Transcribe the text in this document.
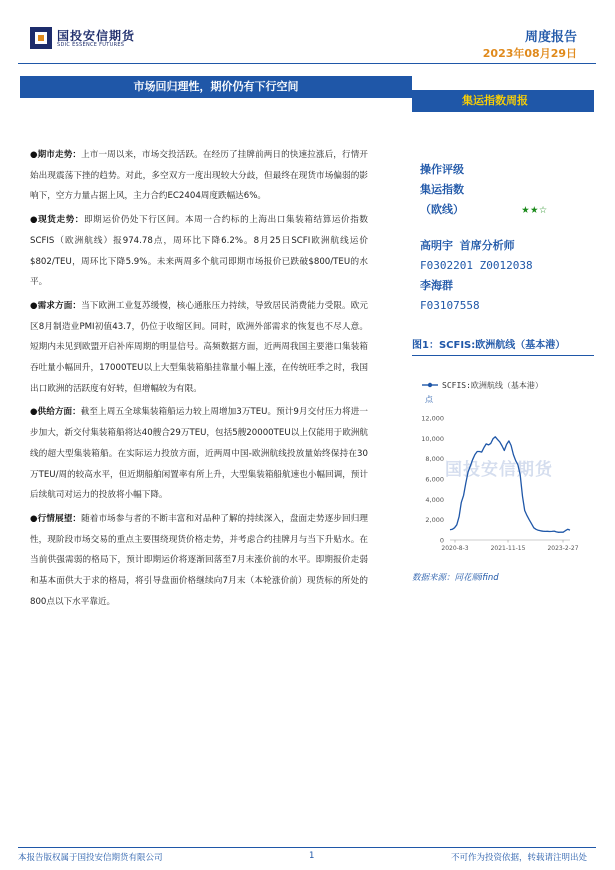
国投安信期货
SDIC ESSENCE FUTURES	周度报告
2023年08月29日
市场回归理性，期价仍有下行空间
集运指数周报

●期市走势：上市一周以来，市场交投活跃。在经历了挂牌前两日的快速拉涨后，行情开始出现震荡下挫的趋势。对此，多空双方一度出现较大分歧，但最终在现货市场偏弱的影响下，空方力量占据上风，主力合约EC2404周度跌幅达6%。

●现货走势：即期运价仍处下行区间。本周一合约标的上海出口集装箱结算运价指数SCFIS（欧洲航线）报974.78点，周环比下降6.2%。8月25日SCFI欧洲航线运价$802/TEU，周环比下降5.9%。未来两周多个航司即期市场报价已跌破$800/TEU的水平。

●需求方面：当下欧洲工业复苏缓慢，核心通胀压力持续，导致居民消费能力受限。欧元区8月制造业PMI初值43.7，仍位于收缩区间。同时，欧洲外部需求的恢复也不尽人意。短期内未见到欧盟开启补库周期的明显信号。高频数据方面，近两周我国主要港口集装箱吞吐量小幅回升，17000TEU以上大型集装箱船挂靠量小幅上涨，在传统旺季之时，我国出口欧洲的活跃度有好转，但增幅较为有限。

●供给方面：截至上周五全球集装箱船运力较上周增加3万TEU。预计9月交付压力将进一步加大，新交付集装箱船将达40艘合29万TEU，包括5艘20000TEU以上仅能用于欧洲航线的超大型集装箱船。在实际运力投放方面，近两周中国-欧洲航线投放量始终保持在30万TEU/周的较高水平，但近期船舶闲置率有所上升，大型集装箱船航速也小幅回调，预计后续航司对运力的投放将小幅下降。

●行情展望：随着市场参与者的不断丰富和对品种了解的持续深入，盘面走势逐步回归理性，现阶段市场交易的重点主要围绕现货价格走势，并考虑合约挂牌月与当下升贴水。在当前供强需弱的格局下，预计即期运价将逐渐回落至7月末涨价前的水平。即期报价走弱和基本面供大于求的格局，将引导盘面价格继续向7月末（本轮涨价前）现货标的所处的800点以下水平靠近。

操作评级
集运指数
（欧线）	★★☆
高明宇 首席分析师
F0302201 Z0012038
李海群
F03107558
图1：SCFIS:欧洲航线（基本港）
国投安信期货
SCFIS:欧洲航线（基本港）
点
0
2,000
4,000
6,000
8,000
10,000
12,000
2020-8-3	2021-11-15	2023-2-27
数据来源：同花顺ifind
本报告版权属于国投安信期货有限公司	1	不可作为投资依据，转载请注明出处
